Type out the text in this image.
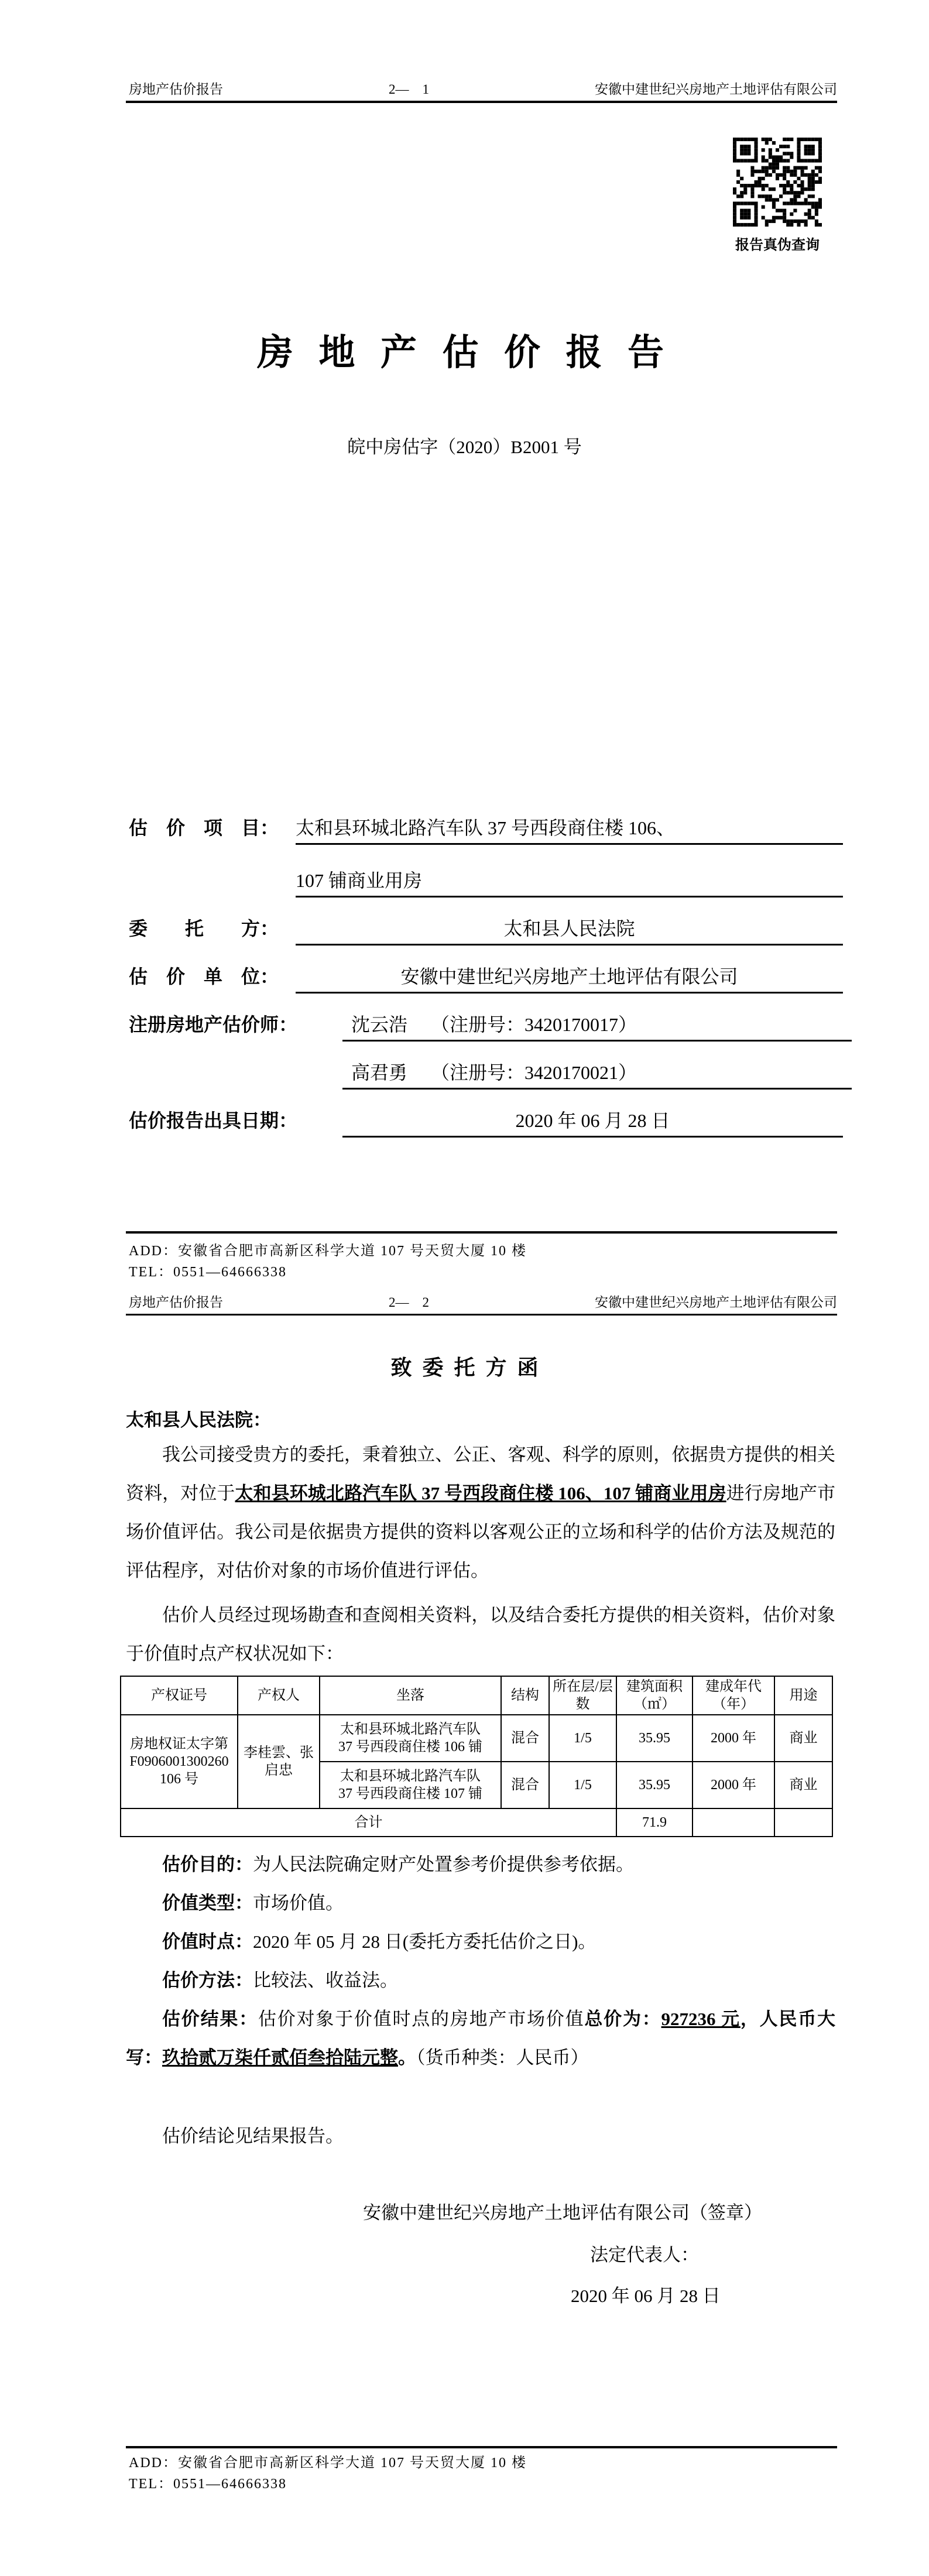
房地产估价报告	2—    1	安徽中建世纪兴房地产土地评估有限公司
报告真伪查询
房 地 产 估 价 报 告
皖中房估字（2020）B2001 号
估　价　项　目： 太和县环城北路汽车队 37 号西段商住楼 106、
107 铺商业用房
委　　托　　方：	太和县人民法院
估　价　单　位：	安徽中建世纪兴房地产土地评估有限公司
注册房地产估价师：	沈云浩　 （注册号：3420170017）
高君勇　 （注册号：3420170021）
估价报告出具日期：	2020 年 06 月 28 日
ADD：安徽省合肥市高新区科学大道 107 号天贸大厦 10 楼
TEL：0551—64666338
房地产估价报告	2—    2	安徽中建世纪兴房地产土地评估有限公司
致  委  托  方  函
太和县人民法院：
我公司接受贵方的委托，秉着独立、公正、客观、科学的原则，依据贵方提供的相关资料，对位于太和县环城北路汽车队 37 号西段商住楼 106、107 铺商业用房进行房地产市场价值评估。我公司是依据贵方提供的资料以客观公正的立场和科学的估价方法及规范的评估程序，对估价对象的市场价值进行评估。
估价人员经过现场勘查和查阅相关资料，以及结合委托方提供的相关资料，估价对象于价值时点产权状况如下：
产权证号	产权人	坐落	结构	所在层/层数	建筑面积（㎡）	建成年代（年）	用途
房地权证太字第
F0906001300260
106 号	李桂雲、张启忠	太和县环城北路汽车队
37 号西段商住楼 106 铺	混合	1/5	35.95	2000 年	商业
		太和县环城北路汽车队
37 号西段商住楼 107 铺	混合	1/5	35.95	2000 年	商业
合计					71.9		
估价目的：为人民法院确定财产处置参考价提供参考依据。
价值类型：市场价值。
价值时点：2020 年 05 月 28 日(委托方委托估价之日)。
估价方法：比较法、收益法。
估价结果：估价对象于价值时点的房地产市场价值总价为：927236 元，人民币大写：玖拾贰万柒仟贰佰叁拾陆元整。（货币种类：人民币）
估价结论见结果报告。
安徽中建世纪兴房地产土地评估有限公司（签章）
法定代表人：
2020 年 06 月 28 日
ADD：安徽省合肥市高新区科学大道 107 号天贸大厦 10 楼
TEL：0551—64666338
